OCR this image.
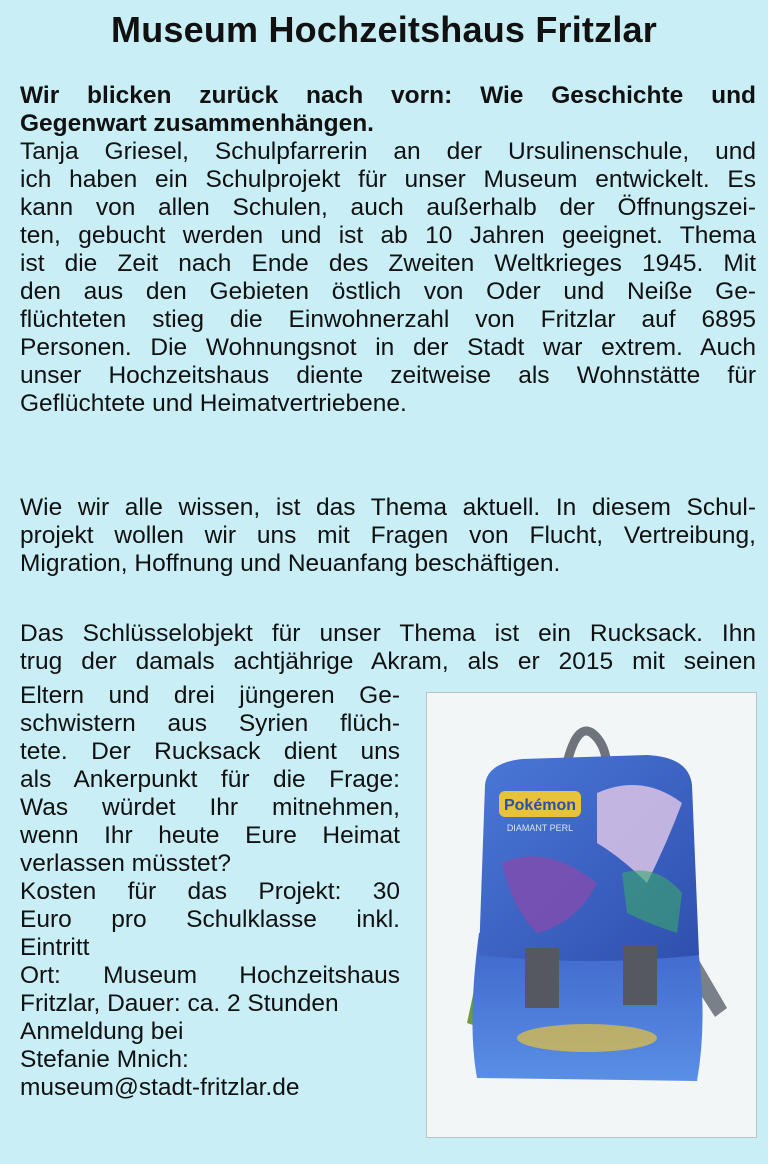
Museum Hochzeitshaus Fritzlar
Wir blicken zurück nach vorn: Wie Geschichte und
Gegenwart zusammenhängen.
Tanja Griesel, Schulpfarrerin an der Ursulinenschule, und
ich haben ein Schulprojekt für unser Museum entwickelt. Es
kann von allen Schulen, auch außerhalb der Öffnungszei-
ten, gebucht werden und ist ab 10 Jahren geeignet. Thema
ist die Zeit nach Ende des Zweiten Weltkrieges 1945. Mit
den aus den Gebieten östlich von Oder und Neiße Ge-
flüchteten stieg die Einwohnerzahl von Fritzlar auf 6895
Personen. Die Wohnungsnot in der Stadt war extrem. Auch
unser Hochzeitshaus diente zeitweise als Wohnstätte für
Geflüchtete und Heimatvertriebene.
Wie wir alle wissen, ist das Thema aktuell. In diesem Schul-
projekt wollen wir uns mit Fragen von Flucht, Vertreibung,
Migration, Hoffnung und Neuanfang beschäftigen.
Das Schlüsselobjekt für unser Thema ist ein Rucksack. Ihn
trug der damals achtjährige Akram, als er 2015 mit seinen
Eltern und drei jüngeren Ge-
schwistern aus Syrien flüch-
tete. Der Rucksack dient uns
als Ankerpunkt für die Frage:
Was würdet Ihr mitnehmen,
wenn Ihr heute Eure Heimat
verlassen müsstet?
Kosten für das Projekt: 30
Euro pro Schulklasse inkl.
Eintritt
Ort: Museum Hochzeitshaus
Fritzlar, Dauer: ca. 2 Stunden
Anmeldung bei
Stefanie Mnich:
museum@stadt-fritzlar.de
Pokémon
DIAMANT PERL
